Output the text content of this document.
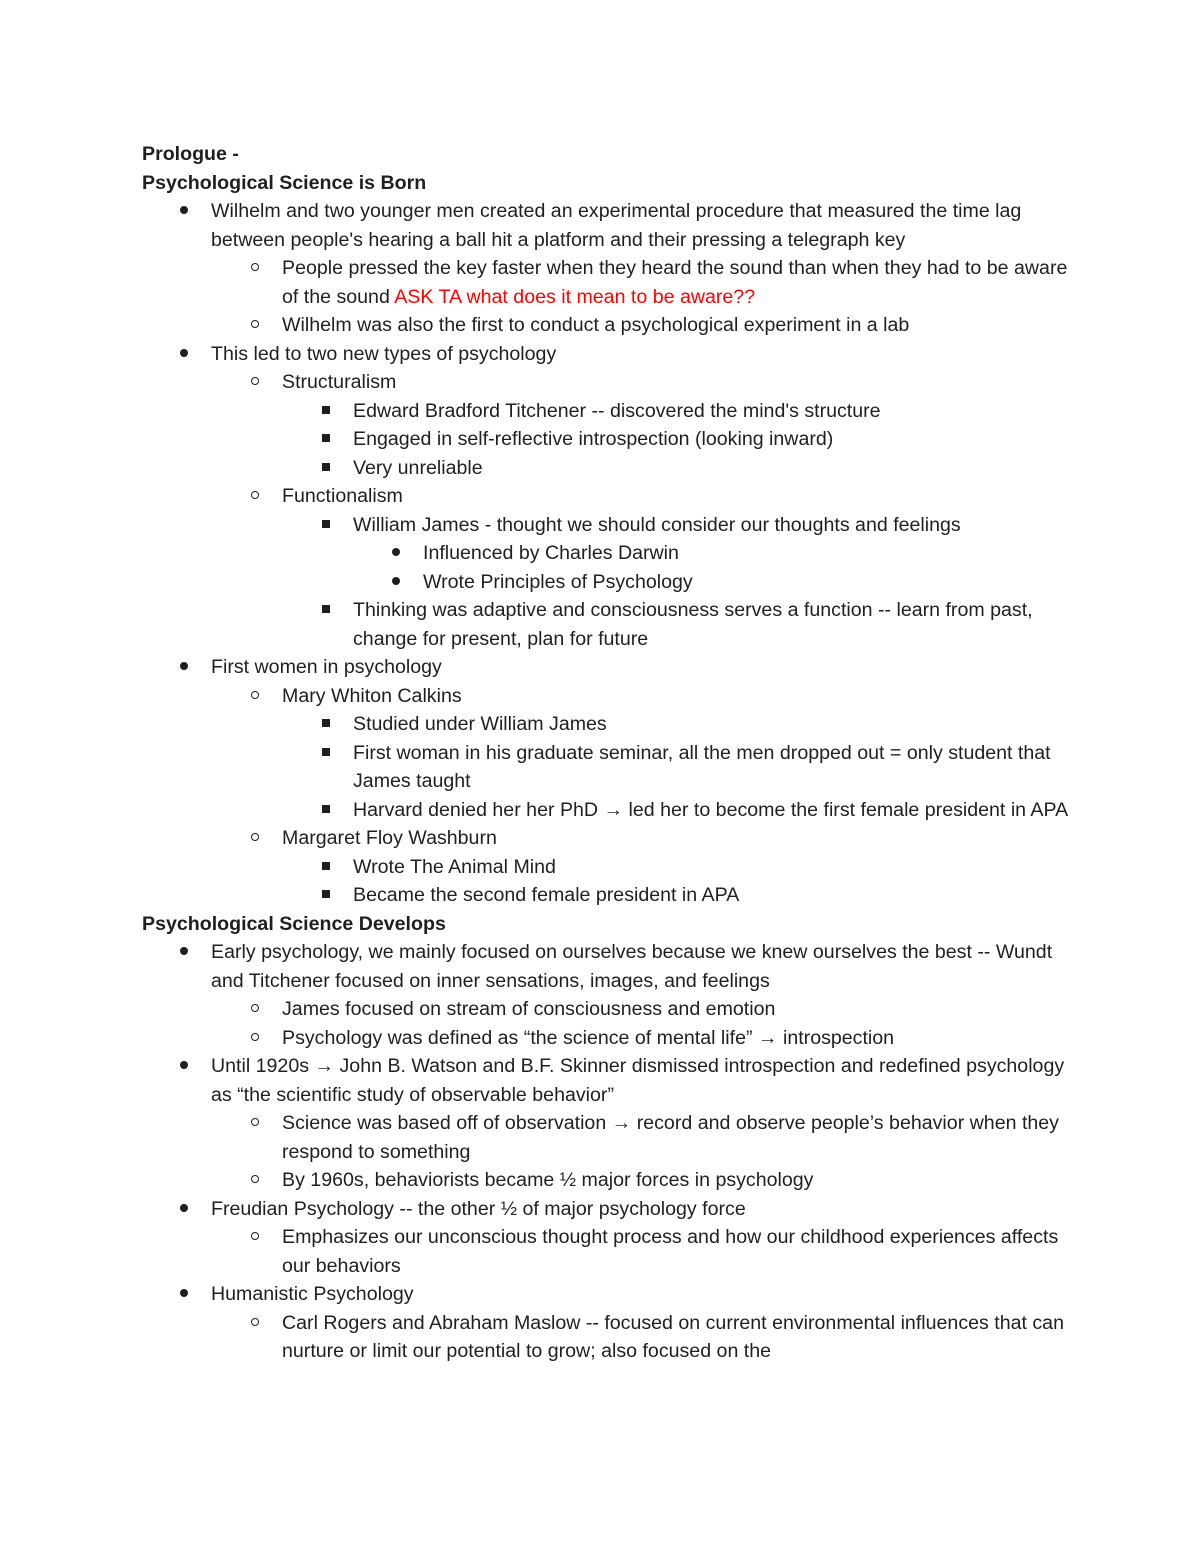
Prologue -
Psychological Science is Born
Wilhelm and two younger men created an experimental procedure that measured the time lag between people's hearing a ball hit a platform and their pressing a telegraph key
People pressed the key faster when they heard the sound than when they had to be aware of the sound ASK TA what does it mean to be aware??
Wilhelm was also the first to conduct a psychological experiment in a lab
This led to two new types of psychology
Structuralism
Edward Bradford Titchener -- discovered the mind's structure
Engaged in self-reflective introspection (looking inward)
Very unreliable
Functionalism
William James - thought we should consider our thoughts and feelings
Influenced by Charles Darwin
Wrote Principles of Psychology
Thinking was adaptive and consciousness serves a function -- learn from past, change for present, plan for future
First women in psychology
Mary Whiton Calkins
Studied under William James
First woman in his graduate seminar, all the men dropped out = only student that James taught
Harvard denied her her PhD → led her to become the first female president in APA
Margaret Floy Washburn
Wrote The Animal Mind
Became the second female president in APA
Psychological Science Develops
Early psychology, we mainly focused on ourselves because we knew ourselves the best -- Wundt and Titchener focused on inner sensations, images, and feelings
James focused on stream of consciousness and emotion
Psychology was defined as “the science of mental life” → introspection
Until 1920s → John B. Watson and B.F. Skinner dismissed introspection and redefined psychology as “the scientific study of observable behavior”
Science was based off of observation → record and observe people’s behavior when they respond to something
By 1960s, behaviorists became ½ major forces in psychology
Freudian Psychology -- the other ½ of major psychology force
Emphasizes our unconscious thought process and how our childhood experiences affects our behaviors
Humanistic Psychology
Carl Rogers and Abraham Maslow -- focused on current environmental influences that can nurture or limit our potential to grow; also focused on the
